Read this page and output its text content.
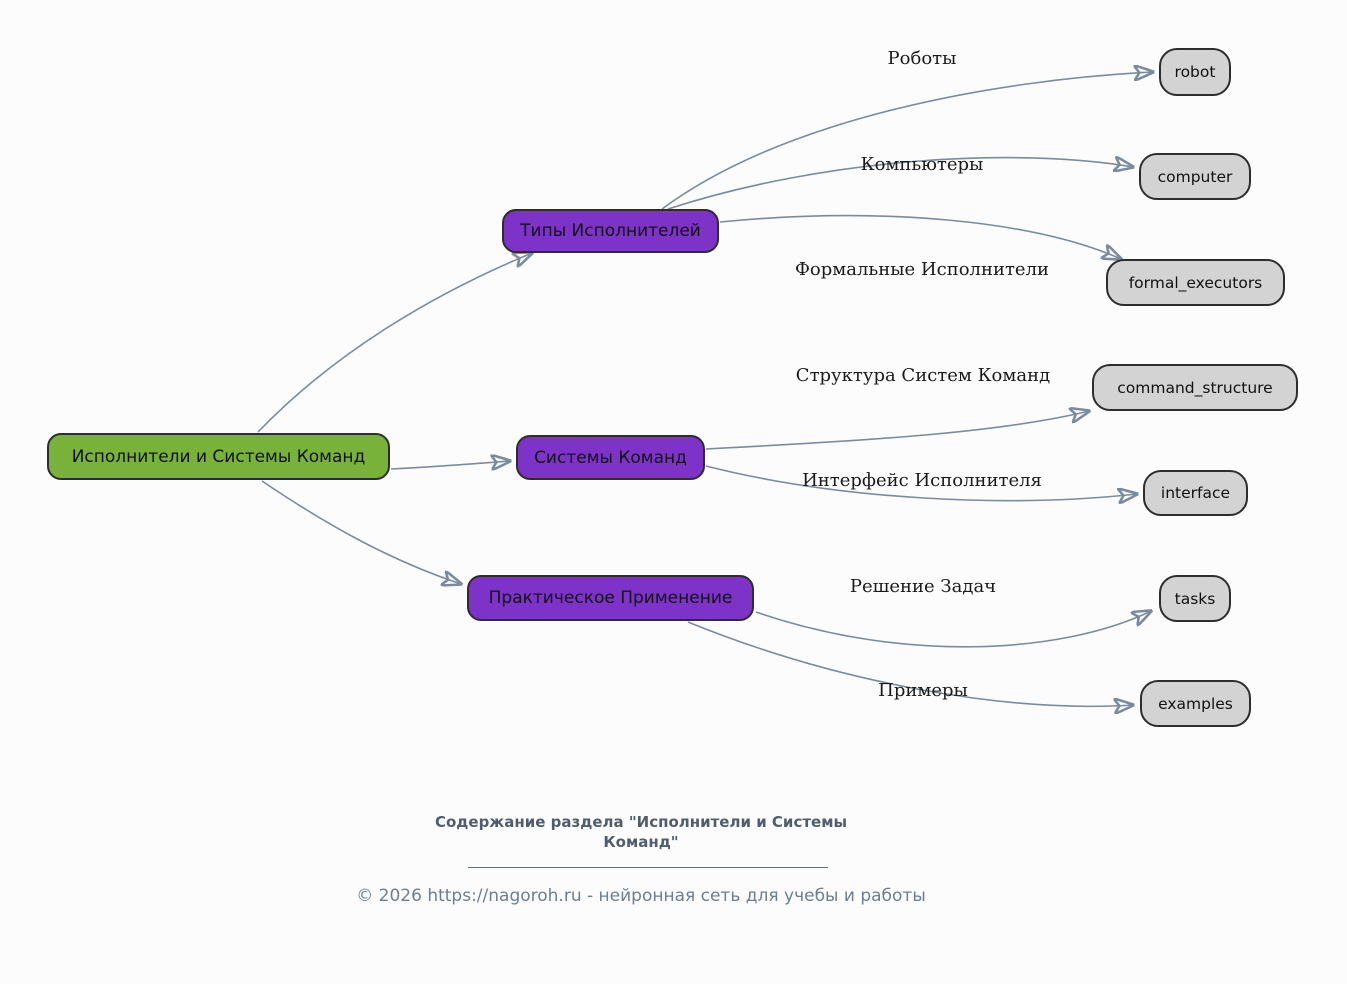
Исполнители и Системы Команд
Типы Исполнителей
Системы Команд
Практическое Применение
robot
computer
formal_executors
command_structure
interface
tasks
examples
Роботы
Компьютеры
Формальные Исполнители
Структура Систем Команд
Интерфейс Исполнителя
Решение Задач
Примеры
Содержание раздела "Исполнители и Системы Команд"
© 2026 https://nagoroh.ru - нейронная сеть для учебы и работы
